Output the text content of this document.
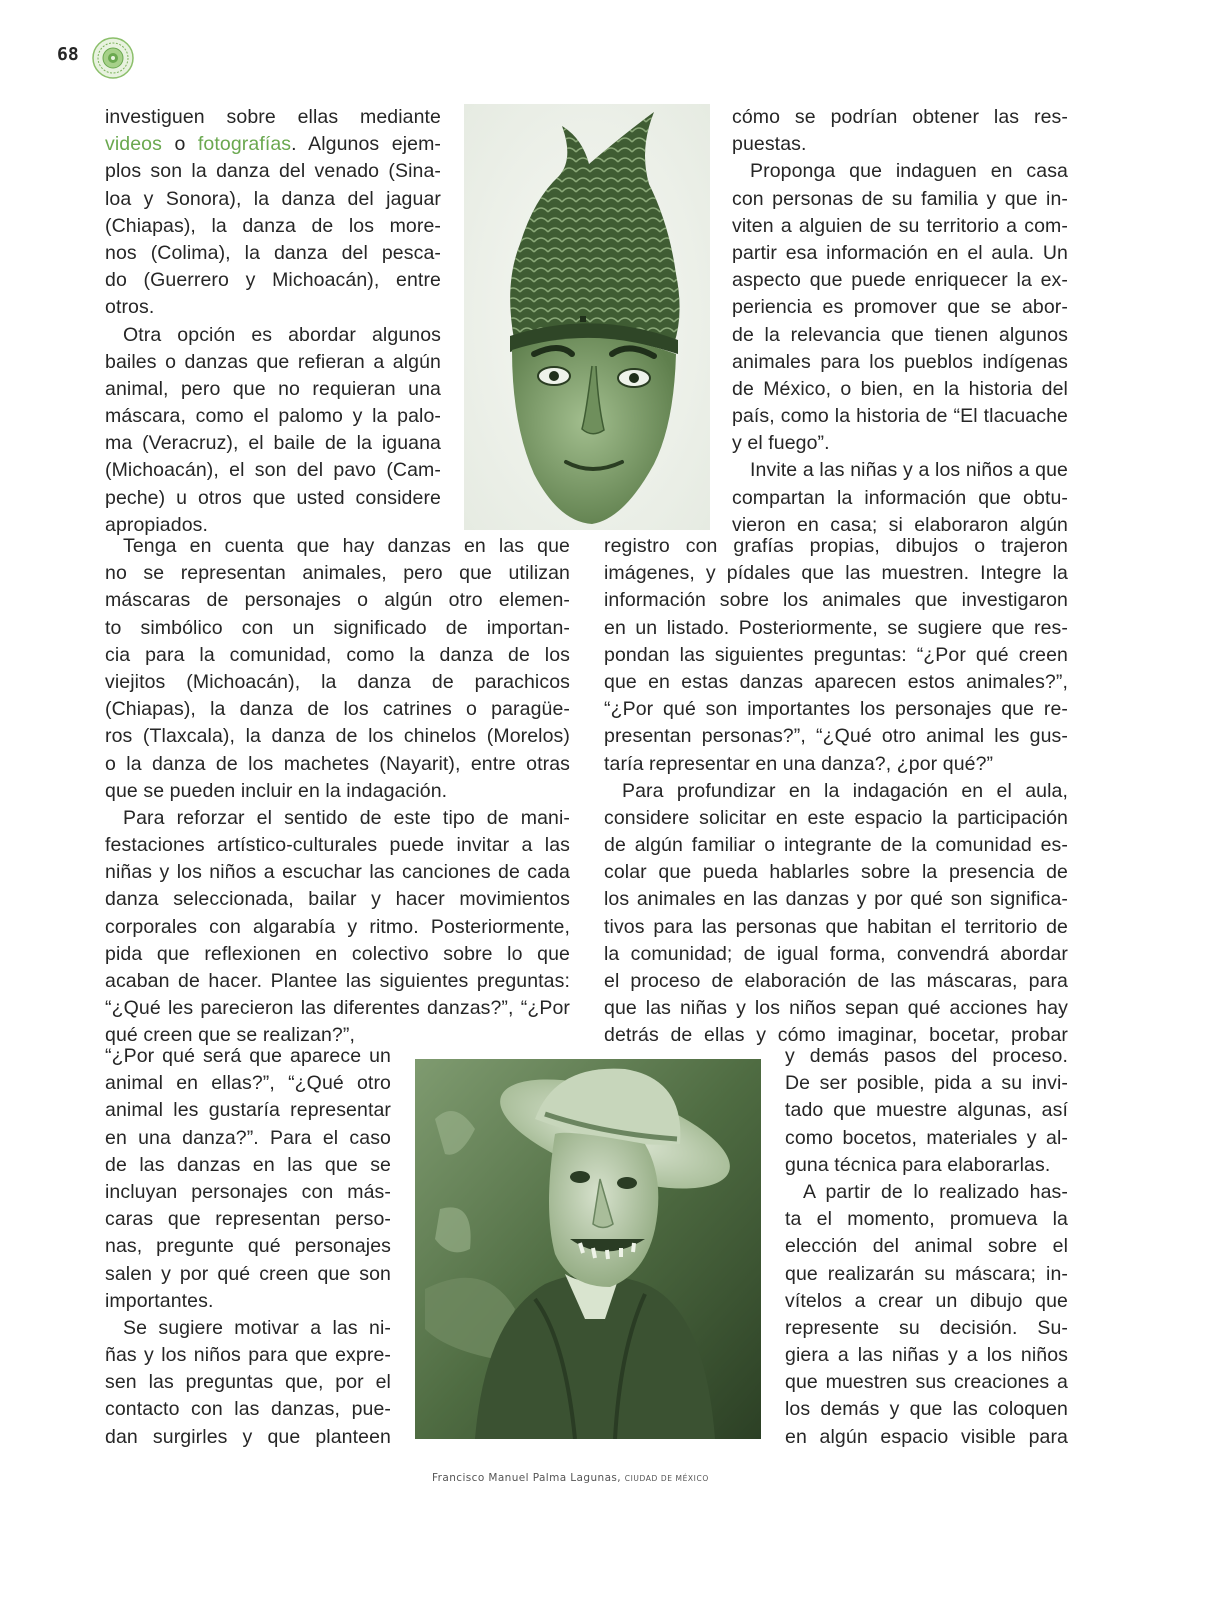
68
investiguen sobre ellas mediante
videos o fotografías. Algunos ejem-
plos son la danza del venado (Sina-
loa y Sonora), la danza del jaguar
(Chiapas), la danza de los more-
nos (Colima), la danza del pesca-
do (Guerrero y Michoacán), entre
otros.
Otra opción es abordar algunos
bailes o danzas que refieran a algún
animal, pero que no requieran una
máscara, como el palomo y la palo-
ma (Veracruz), el baile de la iguana
(Michoacán), el son del pavo (Cam-
peche) u otros que usted considere
apropiados.
cómo se podrían obtener las res-
puestas.
Proponga que indaguen en casa
con personas de su familia y que in-
viten a alguien de su territorio a com-
partir esa información en el aula. Un
aspecto que puede enriquecer la ex-
periencia es promover que se abor-
de la relevancia que tienen algunos
animales para los pueblos indígenas
de México, o bien, en la historia del
país, como la historia de “El tlacuache
y el fuego”.
Invite a las niñas y a los niños a que
compartan la información que obtu-
vieron en casa; si elaboraron algún
Tenga en cuenta que hay danzas en las que
no se representan animales, pero que utilizan
máscaras de personajes o algún otro elemen-
to simbólico con un significado de importan-
cia para la comunidad, como la danza de los
viejitos (Michoacán), la danza de parachicos
(Chiapas), la danza de los catrines o paragüe-
ros (Tlaxcala), la danza de los chinelos (Morelos)
o la danza de los machetes (Nayarit), entre otras
que se pueden incluir en la indagación.
Para reforzar el sentido de este tipo de mani-
festaciones artístico-culturales puede invitar a las
niñas y los niños a escuchar las canciones de cada
danza seleccionada, bailar y hacer movimientos
corporales con algarabía y ritmo. Posteriormente,
pida que reflexionen en colectivo sobre lo que
acaban de hacer. Plantee las siguientes preguntas:
“¿Qué les parecieron las diferentes danzas?”, “¿Por
qué creen que se realizan?”,
registro con grafías propias, dibujos o trajeron
imágenes, y pídales que las muestren. Integre la
información sobre los animales que investigaron
en un listado. Posteriormente, se sugiere que res-
pondan las siguientes preguntas: “¿Por qué creen
que en estas danzas aparecen estos animales?”,
“¿Por qué son importantes los personajes que re-
presentan personas?”, “¿Qué otro animal les gus-
taría representar en una danza?, ¿por qué?”
Para profundizar en la indagación en el aula,
considere solicitar en este espacio la participación
de algún familiar o integrante de la comunidad es-
colar que pueda hablarles sobre la presencia de
los animales en las danzas y por qué son significa-
tivos para las personas que habitan el territorio de
la comunidad; de igual forma, convendrá abordar
el proceso de elaboración de las máscaras, para
que las niñas y los niños sepan qué acciones hay
detrás de ellas y cómo imaginar, bocetar, probar
“¿Por qué será que aparece un
animal en ellas?”, “¿Qué otro
animal les gustaría representar
en una danza?”. Para el caso
de las danzas en las que se
incluyan personajes con más-
caras que representan perso-
nas, pregunte qué personajes
salen y por qué creen que son
importantes.
Se sugiere motivar a las ni-
ñas y los niños para que expre-
sen las preguntas que, por el
contacto con las danzas, pue-
dan surgirles y que planteen
y demás pasos del proceso.
De ser posible, pida a su invi-
tado que muestre algunas, así
como bocetos, materiales y al-
guna técnica para elaborarlas.
A partir de lo realizado has-
ta el momento, promueva la
elección del animal sobre el
que realizarán su máscara; in-
vítelos a crear un dibujo que
represente su decisión. Su-
giera a las niñas y a los niños
que muestren sus creaciones a
los demás y que las coloquen
en algún espacio visible para
Francisco Manuel Palma Lagunas, CIUDAD DE MÉXICO
